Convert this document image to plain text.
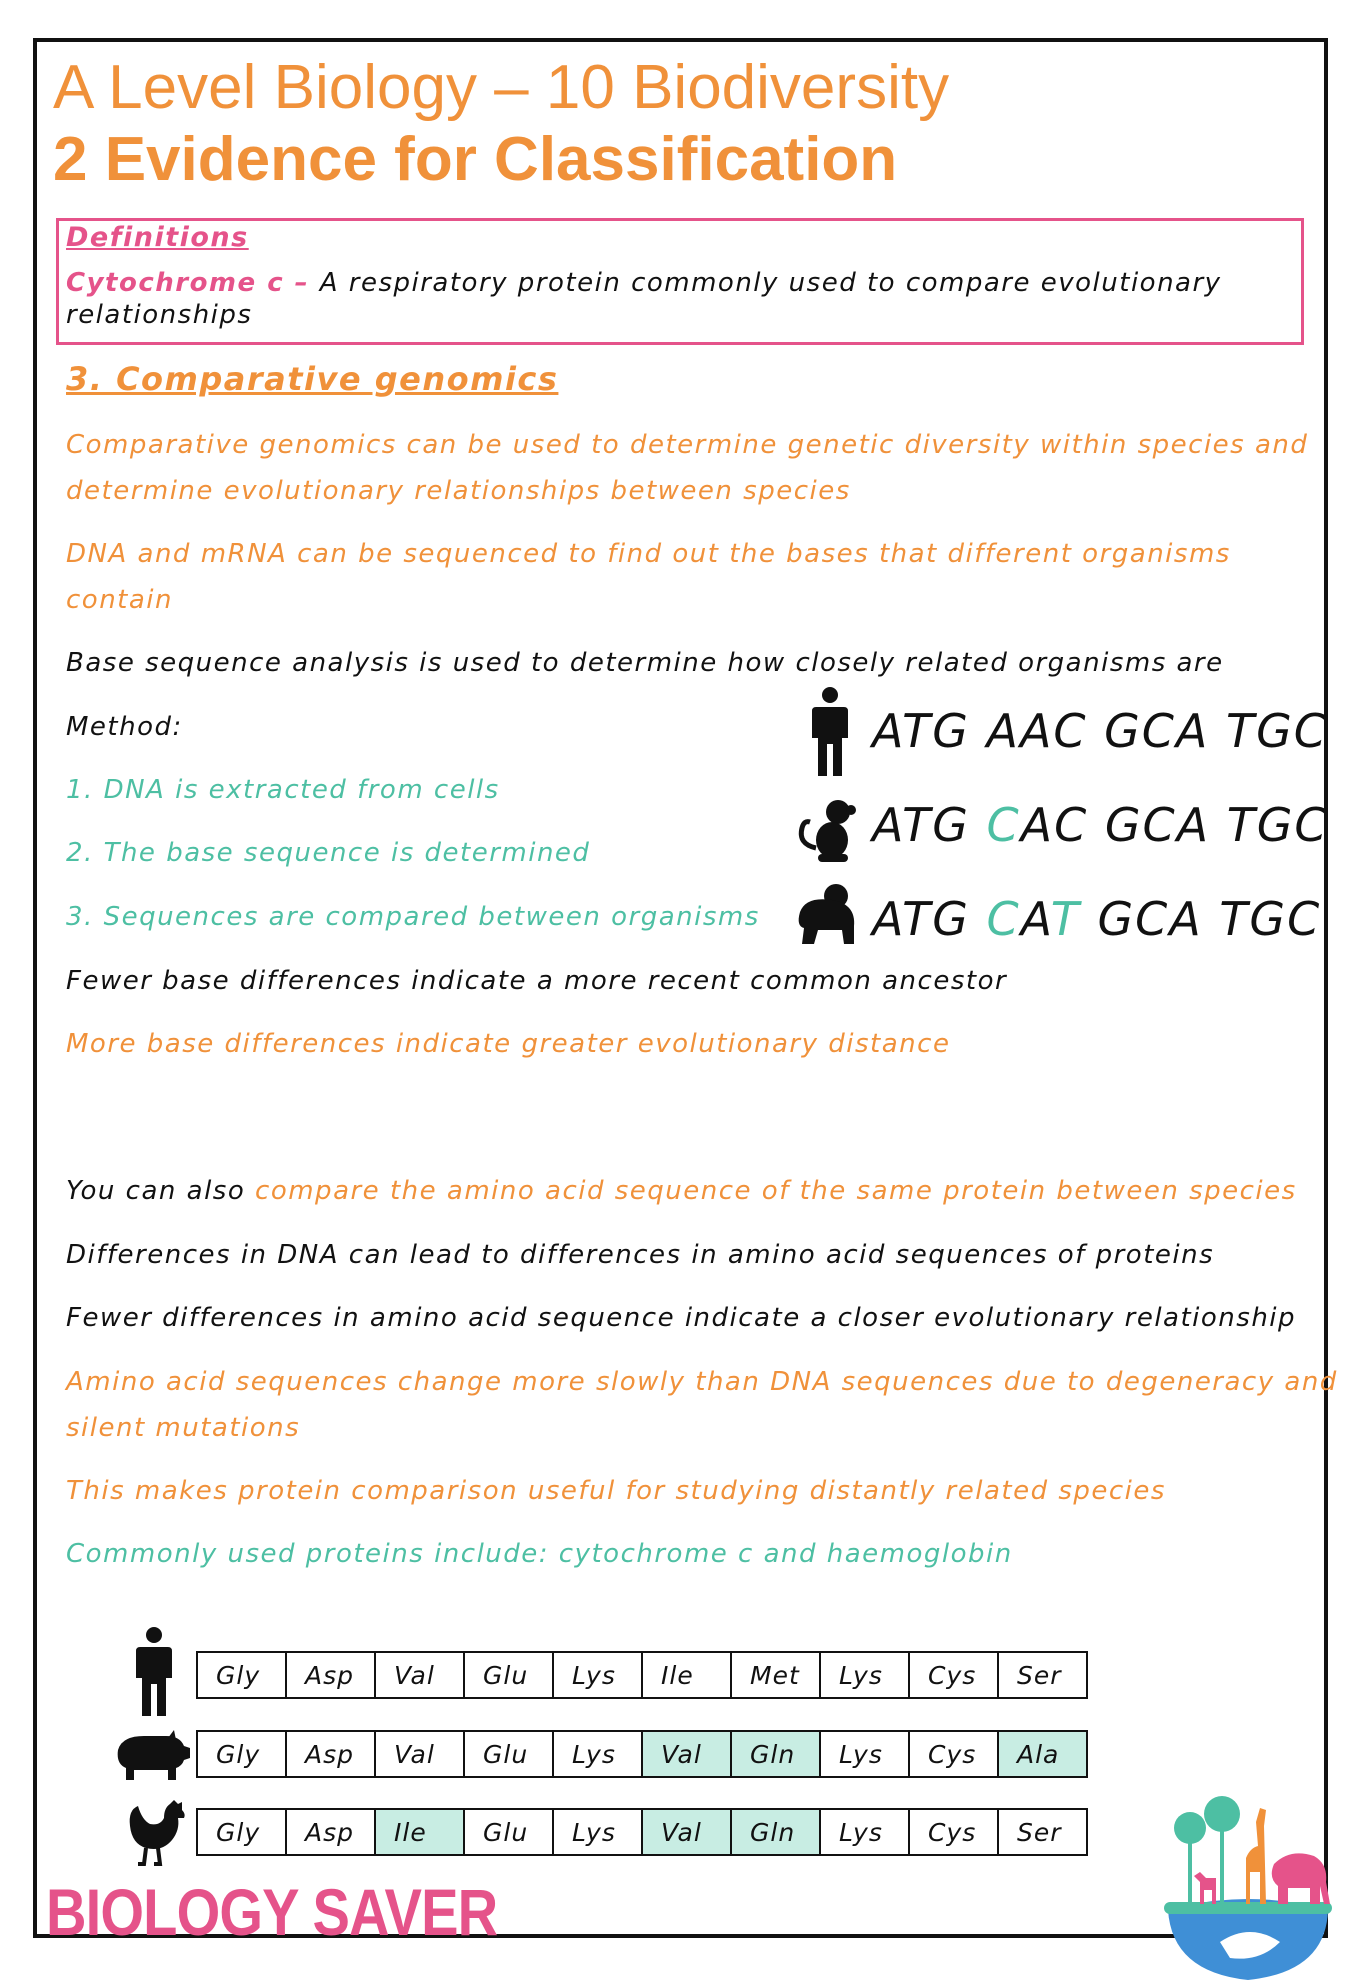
A Level Biology – 10 Biodiversity
2 Evidence for Classification
Definitions
Cytochrome c – A respiratory protein commonly used to compare evolutionary
relationships
3. Comparative genomics
Comparative genomics can be used to determine genetic diversity within species and
determine evolutionary relationships between species
DNA and mRNA can be sequenced to find out the bases that different organisms
contain
Base sequence analysis is used to determine how closely related organisms are
Method:
1. DNA is extracted from cells
2. The base sequence is determined
3. Sequences are compared between organisms
Fewer base differences indicate a more recent common ancestor
More base differences indicate greater evolutionary distance
ATG AAC GCA TGC
ATG CAC GCA TGC
ATG CAT GCA TGC
You can also compare the amino acid sequence of the same protein between species
Differences in DNA can lead to differences in amino acid sequences of proteins
Fewer differences in amino acid sequence indicate a closer evolutionary relationship
Amino acid sequences change more slowly than DNA sequences due to degeneracy and
silent mutations
This makes protein comparison useful for studying distantly related species
Commonly used proteins include: cytochrome c and haemoglobin
Gly	Asp	Val	Glu	Lys	Ile	Met	Lys	Cys	Ser
Gly	Asp	Val	Glu	Lys	Val	Gln	Lys	Cys	Ala
Gly	Asp	Ile	Glu	Lys	Val	Gln	Lys	Cys	Ser
BIOLOGY SAVER
